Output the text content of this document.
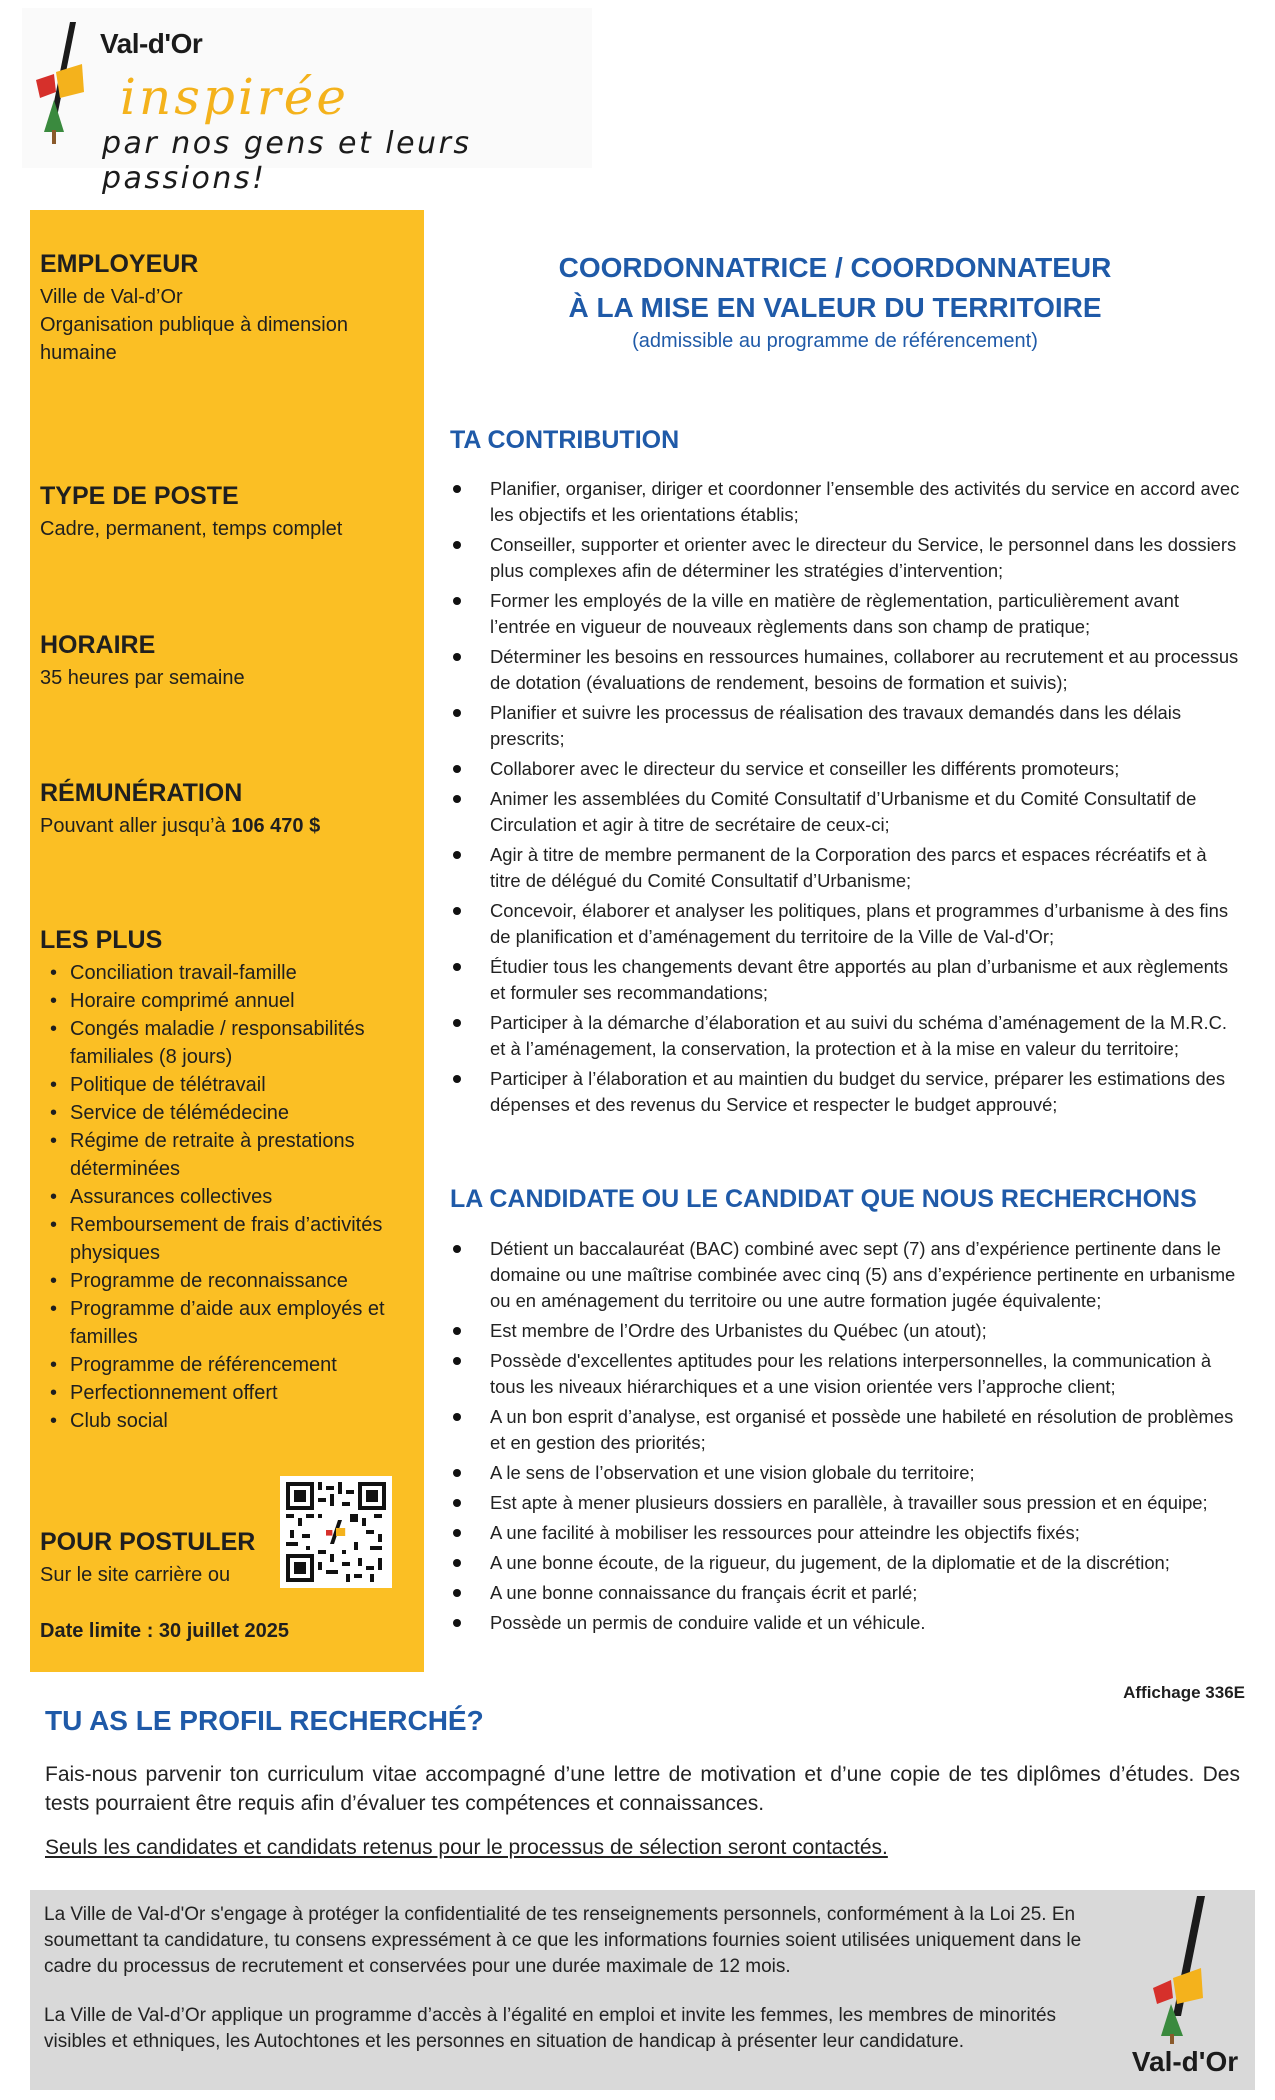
Val-d'Or
inspirée
par nos gens et leurs passions!
EMPLOYEUR
Ville de Val-d’Or
Organisation publique à dimension
humaine
TYPE DE POSTE
Cadre, permanent, temps complet
HORAIRE
35 heures par semaine
RÉMUNÉRATION
Pouvant aller jusqu’à 106 470 $
LES PLUS
• Conciliation travail-famille
• Horaire comprimé annuel
• Congés maladie / responsabilités familiales (8 jours)
• Politique de télétravail
• Service de télémédecine
• Régime de retraite à prestations déterminées
• Assurances collectives
• Remboursement de frais d’activités physiques
• Programme de reconnaissance
• Programme d’aide aux employés et familles
• Programme de référencement
• Perfectionnement offert
• Club social
POUR POSTULER
Sur le site carrière ou
Date limite : 30 juillet 2025
COORDONNATRICE / COORDONNATEUR
À LA MISE EN VALEUR DU TERRITOIRE
(admissible au programme de référencement)
TA CONTRIBUTION
Planifier, organiser, diriger et coordonner l’ensemble des activités du service en accord avec les objectifs et les orientations établis;
Conseiller, supporter et orienter avec le directeur du Service, le personnel dans les dossiers plus complexes afin de déterminer les stratégies d’intervention;
Former les employés de la ville en matière de règlementation, particulièrement avant l’entrée en vigueur de nouveaux règlements dans son champ de pratique;
Déterminer les besoins en ressources humaines, collaborer au recrutement et au processus de dotation (évaluations de rendement, besoins de formation et suivis);
Planifier et suivre les processus de réalisation des travaux demandés dans les délais prescrits;
Collaborer avec le directeur du service et conseiller les différents promoteurs;
Animer les assemblées du Comité Consultatif d’Urbanisme et du Comité Consultatif de Circulation et agir à titre de secrétaire de ceux-ci;
Agir à titre de membre permanent de la Corporation des parcs et espaces récréatifs et à titre de délégué du Comité Consultatif d’Urbanisme;
Concevoir, élaborer et analyser les politiques, plans et programmes d’urbanisme à des fins de planification et d’aménagement du territoire de la Ville de Val-d'Or;
Étudier tous les changements devant être apportés au plan d’urbanisme et aux règlements et formuler ses recommandations;
Participer à la démarche d’élaboration et au suivi du schéma d’aménagement de la M.R.C. et à l’aménagement, la conservation, la protection et à la mise en valeur du territoire;
Participer à l’élaboration et au maintien du budget du service, préparer les estimations des dépenses et des revenus du Service et respecter le budget approuvé;
LA CANDIDATE OU LE CANDIDAT QUE NOUS RECHERCHONS
Détient un baccalauréat (BAC) combiné avec sept (7) ans d’expérience pertinente dans le domaine ou une maîtrise combinée avec cinq (5) ans d’expérience pertinente en urbanisme ou en aménagement du territoire ou une autre formation jugée équivalente;
Est membre de l’Ordre des Urbanistes du Québec (un atout);
Possède d'excellentes aptitudes pour les relations interpersonnelles, la communication à tous les niveaux hiérarchiques et a une vision orientée vers l’approche client;
A un bon esprit d’analyse, est organisé et possède une habileté en résolution de problèmes et en gestion des priorités;
A le sens de l’observation et une vision globale du territoire;
Est apte à mener plusieurs dossiers en parallèle, à travailler sous pression et en équipe;
A une facilité à mobiliser les ressources pour atteindre les objectifs fixés;
A une bonne écoute, de la rigueur, du jugement, de la diplomatie et de la discrétion;
A une bonne connaissance du français écrit et parlé;
Possède un permis de conduire valide et un véhicule.
Affichage 336E
TU AS LE PROFIL RECHERCHÉ?
Fais-nous parvenir ton curriculum vitae accompagné d’une lettre de motivation et d’une copie de tes diplômes d’études. Des tests pourraient être requis afin d’évaluer tes compétences et connaissances.
Seuls les candidates et candidats retenus pour le processus de sélection seront contactés.

La Ville de Val-d'Or s'engage à protéger la confidentialité de tes renseignements personnels, conformément à la Loi 25. En soumettant ta candidature, tu consens expressément à ce que les informations fournies soient utilisées uniquement dans le cadre du processus de recrutement et conservées pour une durée maximale de 12 mois.

La Ville de Val-d’Or applique un programme d’accès à l’égalité en emploi et invite les femmes, les membres de minorités visibles et ethniques, les Autochtones et les personnes en situation de handicap à présenter leur candidature.

Val-d'Or
